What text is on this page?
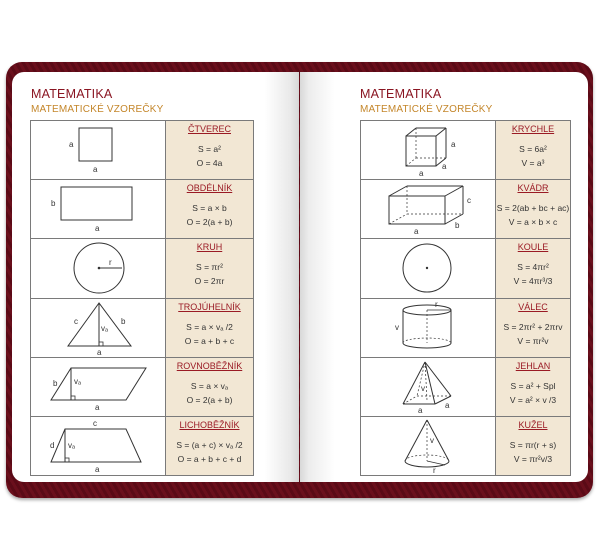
MATEMATIKA
MATEMATICKÉ VZOREČKY
a
a	ČTVEREC
S = a²
O = 4a

b
a	OBDÉLNÍK
S = a × b
O = 2(a + b)

r	KRUH
S = πr²
O = 2πr

c b
vₐ
a	TROJÚHELNÍK
S = a × vₐ /2
O = a + b + c

b vₐ
a	ROVNOBĚŽNÍK
S = a × vₐ
O = 2(a + b)

c
d vₐ
a	LICHOBĚŽNÍK
S = (a + c) × vₐ /2
O = a + b + c + d
MATEMATIKA
MATEMATICKÉ VZOREČKY
a
a
a	KRYCHLE
S = 6a²
V = a³

c
b
a	KVÁDR
S = 2(ab + bc + ac)
V = a × b × c

KOULE
S = 4πr²
V = 4πr³/3

r
v	VÁLEC
S = 2πr² + 2πrv
V = πr²v

v
a
a	JEHLAN
S = a² + Spl
V = a² × v /3

v
r	KUŽEL
S = πr(r + s)
V = πr²v/3
